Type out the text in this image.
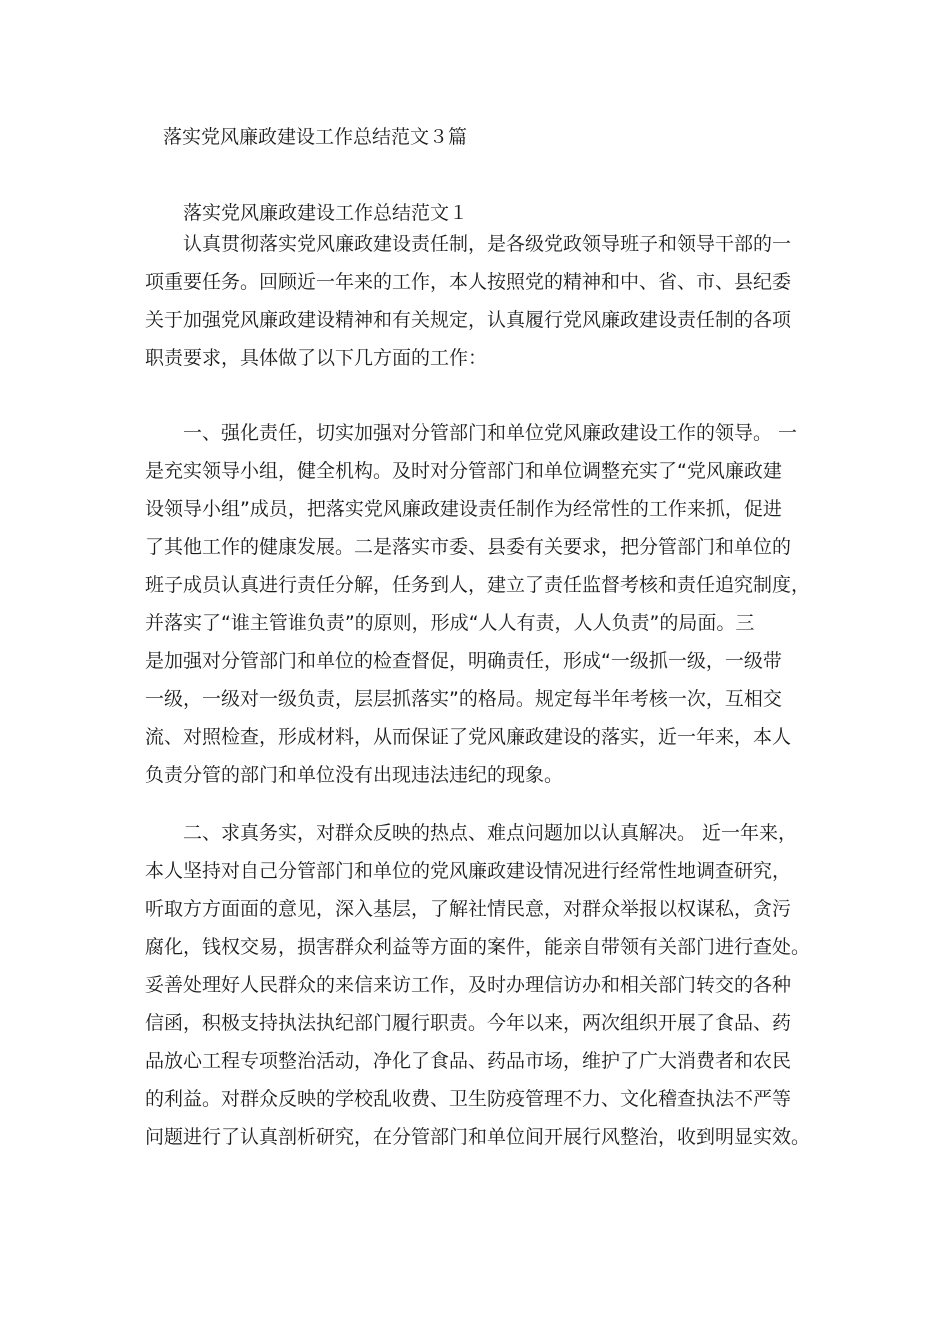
落实党风廉政建设工作总结范文３篇
落实党风廉政建设工作总结范文１
认真贯彻落实党风廉政建设责任制，是各级党政领导班子和领导干部的一
项重要任务。回顾近一年来的工作，本人按照党的精神和中、省、市、县纪委
关于加强党风廉政建设精神和有关规定，认真履行党风廉政建设责任制的各项
职责要求，具体做了以下几方面的工作：
一、强化责任，切实加强对分管部门和单位党风廉政建设工作的领导。 一
是充实领导小组，健全机构。及时对分管部门和单位调整充实了“党风廉政建
设领导小组”成员，把落实党风廉政建设责任制作为经常性的工作来抓，促进
了其他工作的健康发展。二是落实市委、县委有关要求，把分管部门和单位的
班子成员认真进行责任分解，任务到人，建立了责任监督考核和责任追究制度，
并落实了“谁主管谁负责”的原则，形成“人人有责，人人负责”的局面。三
是加强对分管部门和单位的检查督促，明确责任，形成“一级抓一级，一级带
一级，一级对一级负责，层层抓落实”的格局。规定每半年考核一次，互相交
流、对照检查，形成材料，从而保证了党风廉政建设的落实，近一年来，本人
负责分管的部门和单位没有出现违法违纪的现象。
二、求真务实，对群众反映的热点、难点问题加以认真解决。 近一年来，
本人坚持对自己分管部门和单位的党风廉政建设情况进行经常性地调查研究，
听取方方面面的意见，深入基层，了解社情民意，对群众举报以权谋私，贪污
腐化，钱权交易，损害群众利益等方面的案件，能亲自带领有关部门进行查处。
妥善处理好人民群众的来信来访工作，及时办理信访办和相关部门转交的各种
信函，积极支持执法执纪部门履行职责。今年以来，两次组织开展了食品、药
品放心工程专项整治活动，净化了食品、药品市场，维护了广大消费者和农民
的利益。对群众反映的学校乱收费、卫生防疫管理不力、文化稽查执法不严等
问题进行了认真剖析研究，在分管部门和单位间开展行风整治，收到明显实效。
